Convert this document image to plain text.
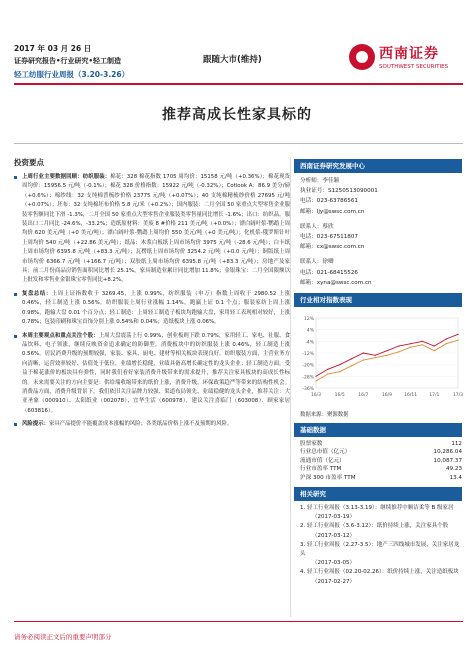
2017 年 03 月 26 日
证券研究报告•行业研究•轻工制造
轻工纺服行业周报（3.20-3.26）
跟随大市(维持)	西南证券
SOUTHWEST SECURITIES
推荐高成长性家具标的
投资要点
上周行业主要数据回顾：纺织服装：棉花：328 棉花指数 1705 周均价：15158 元/吨（+0.36%）；棉花现货周均价：15956.5 元/吨（-0.1%）；棉花 328 价格指数：15922 元/吨（-0.32%）；Cotlook A：86.9 美分/磅（+0.6%）；棉纱线：32 支纯棉普梳纱价格 23775 元/吨（+0.07%）；40 支纯棉精梳纱价格 27695 元/吨（+0.07%）；坯布：32 支纯棉坯布价格 5.8 元/米（+0.2%）；国内服装：二月全国 50 家重点大型零售企业服装零售额同比下滑 -1.3%，二月全国 50 家重点大型零售企业服装类零售量同比增长 -1.6%；出口：纺织品，服装出口二月同比 -24.6%，-33.2%；造纸原材料：美废 8 #价格 211 美元/吨（+0.0%）；漂白阔叶浆-鹦鹉上周均价 620 美元/吨（+0 美元/吨）；漂白阔叶浆-鹦鹉上周均价 550 美元/吨（+0 美元/吨）；化机浆-俄罗斯针叶上周均价 540 元/吨（+22.86 美元/吨）；纸品：木浆白板纸上周市场均价 3975 元/吨（-28.6 元/吨）；白卡纸上周市场均价 6395.8 元/吨（+83.3 元/吨）；瓦楞纸上周市场均价 3254.2 元/吨（+0.0 元/吨）；铜版纸上周市场均价 6366.7 元/吨（+166.7 元/吨）；双胶纸上周市场均价 6395.8 元/吨（+83.3 元/吨）；房地产及家具：前二月份商品房销售面积同比增长 25.1%，家具制造业累计同比增加 11.8%；金银珠宝：二月全国限额以上批发和零售业金银珠宝零售同比+8.2%。
复盘总结：上周上证指数收于 3269.45，上涨 0.99%，纺织服装（申万）指数上周收于 2980.52 上涨 0.46%，轻工制造上涨 0.56%。纺织服装上周行业涨幅 1.14%，跑赢上证 0.1 个点；服装家纺上周上涨 0.98%，跑输大盘 0.01 个百分点；轻工制造：上周轻工制造子板块均跑输大盘，家用轻工表现相对较好，上涨 0.78%；包装印刷和珠宝首饰分别上涨 0.54%和 0.04%；造纸板块上涨 0.06%。
本周主要观点和重点关注个股：上周大盘震荡上行 0.99%，创业板则下跌 0.79%，家用轻工、家电、社服、食品饮料、电子领涨，继续反映资金追求确定的防御型。消费板块中的纺织服装上涨 0.46%，轻工制造上涨 0.56%。居民消费升级的预期较强，家装、家具、厨电、建材等相关板块表现良好。纺织服装方面，主营业务方向清晰，运营效率较好、估值处于低位，业绩增长稳健，业绩具备高增长确定性的龙头企业；轻工制造方面，受益于棉花涨价的板块具有弹性，同时我们看好家装消费升级带来的需求提升，推荐关注家具板块的高成长性标的。未来需要关注的方向主要是：供给端收缩带来的纸价上涨，消费升级，环保政策趋严等带来的结构性机会。消费品方面，消费升级背景下，我们依旧关注品牌力较强、渠道布局领先、业绩稳健的龙头企业，推荐关注：大亚圣象（000910）、太阳纸业（002078）、宜华生活（600978），建议关注喜临门（603008）、顾家家居（603816）。
风险提示：家具产品提价不能覆盖成本涨幅的风险；各类纸品价格上涨不及预期的风险。
西南证券研究发展中心
分析师：李佳颖
执业证号：S1250513090001
电话：023-63786561
邮箱：ljy@swsc.com.cn
联系人：蔡欣
电话：023-67511807
邮箱：cx@swsc.com.cn
联系人：徐卿
电话：021-68415526
邮箱：xyna@swsc.com.cn
行业相对指数表现
12%
4%
-4%
-12%
-20%
-28%
-36%
16/3	16/5	16/7	16/9	16/11	17/1	17/3
数据来源：聚源数据
基础数据
股票家数	112
行业总市值（亿元）	10,286.04
流通市值（亿元）	10,087.37
行业市盈率 TTM	49.23
沪深 300 市盈率 TTM	13.4
相关研究
1. 轻工行业周报（3.13-3.19）：继续推荐中顺洁柔等 B 级家居
（2017-03-19）
2. 轻工行业周报（3.6-3.12）：纸价持续上涨，关注家具个股
（2017-03-12）
3. 轻工行业周报（2.27-3.5）：地产三四线城市发展，关注家居龙头
（2017-03-05）
4. 轻工行业周报（02.20-02.26）：纸价持续上涨，关注造纸板块
（2017-02-27）
请务必阅读正文后的重要声明部分
